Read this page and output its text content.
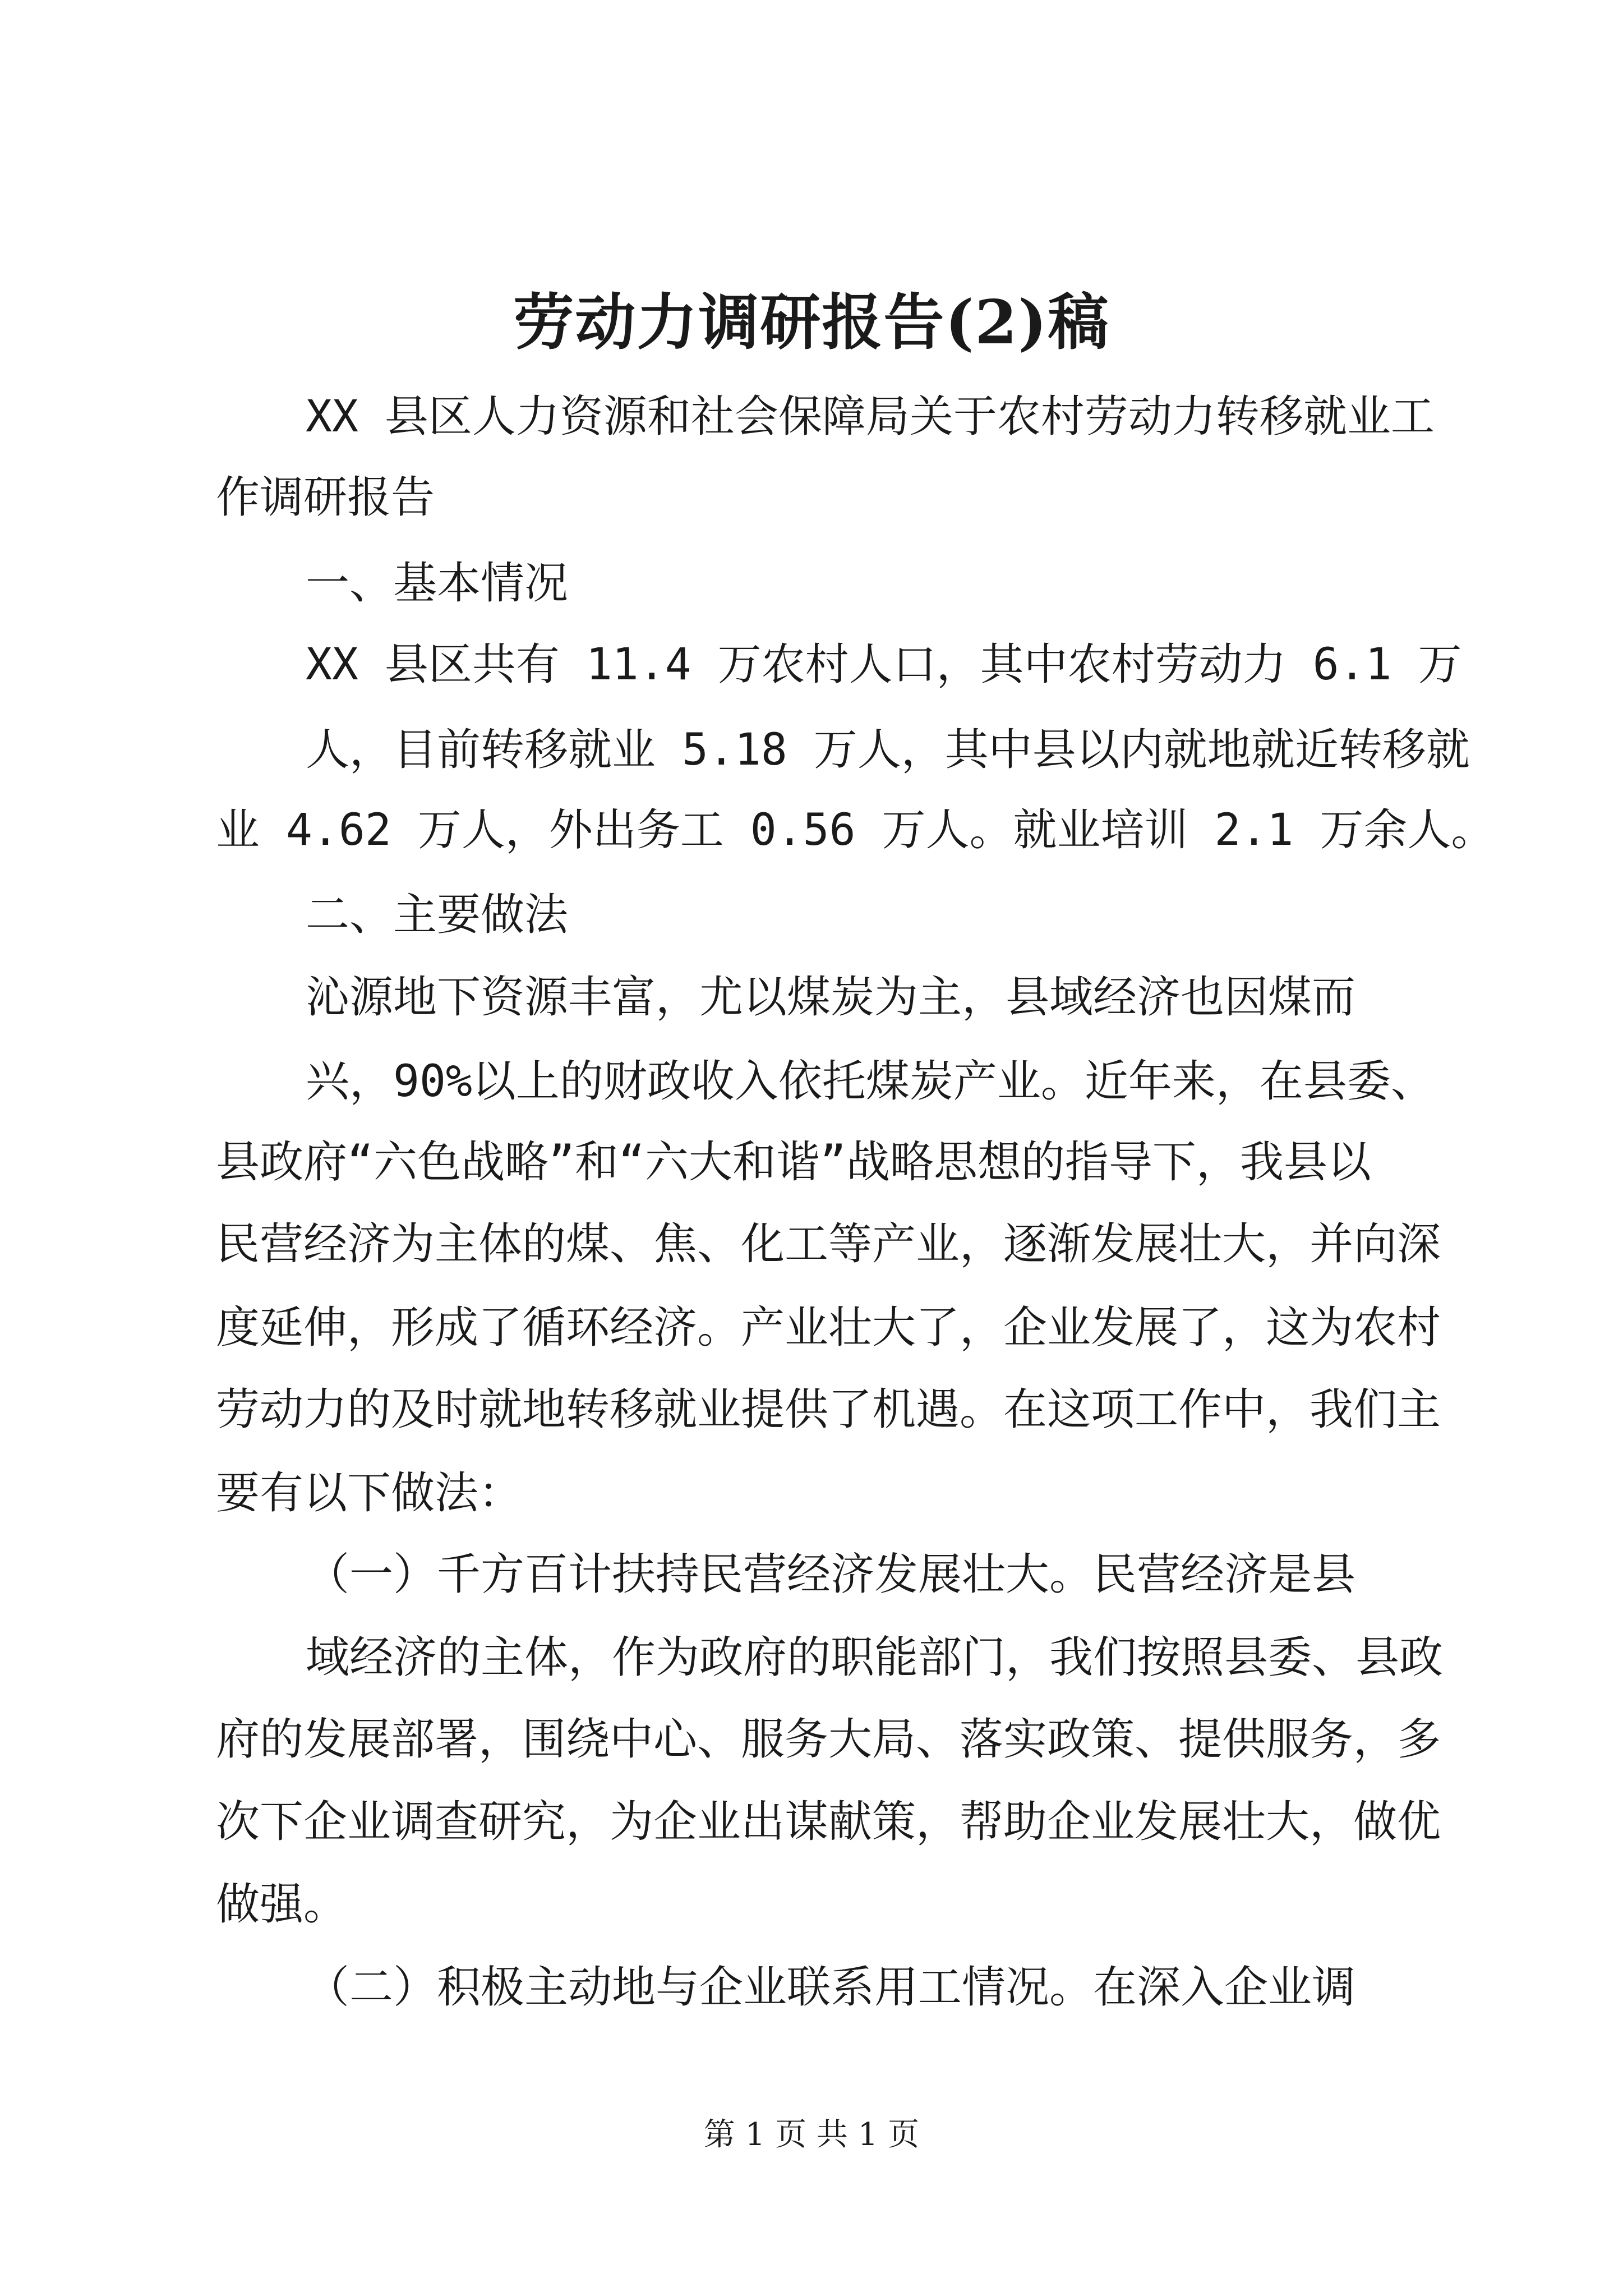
劳动力调研报告(2)稿
XX 县区人力资源和社会保障局关于农村劳动力转移就业工
作调研报告
一、基本情况
XX 县区共有 11.4 万农村人口，其中农村劳动力 6.1 万
人，目前转移就业 5.18 万人，其中县以内就地就近转移就
业 4.62 万人，外出务工 0.56 万人。就业培训 2.1 万余人。
二、主要做法
沁源地下资源丰富，尤以煤炭为主，县域经济也因煤而
兴，90%以上的财政收入依托煤炭产业。近年来，在县委、
县政府“六色战略”和“六大和谐”战略思想的指导下，我县以
民营经济为主体的煤、焦、化工等产业，逐渐发展壮大，并向深
度延伸，形成了循环经济。产业壮大了，企业发展了，这为农村
劳动力的及时就地转移就业提供了机遇。在这项工作中，我们主
要有以下做法：
（一）千方百计扶持民营经济发展壮大。民营经济是县
域经济的主体，作为政府的职能部门，我们按照县委、县政
府的发展部署，围绕中心、服务大局、落实政策、提供服务，多
次下企业调查研究，为企业出谋献策，帮助企业发展壮大，做优
做强。
（二）积极主动地与企业联系用工情况。在深入企业调
第 1 页 共 1 页
